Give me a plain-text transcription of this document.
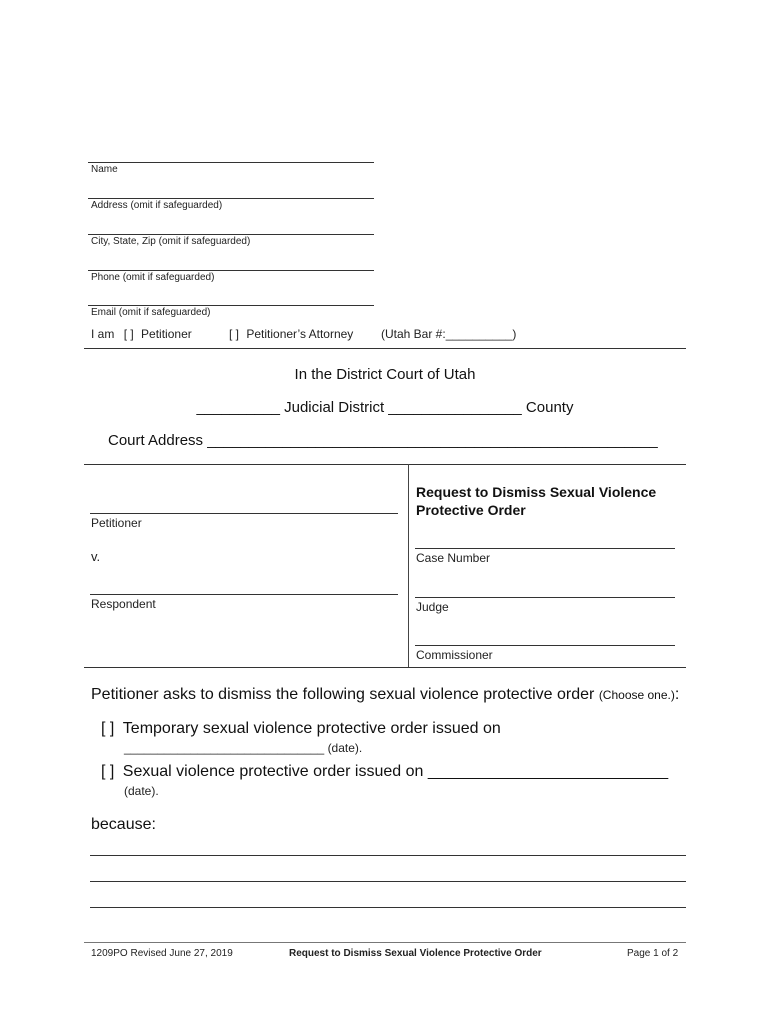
Name
Address (omit if safeguarded)
City, State, Zip (omit if safeguarded)
Phone (omit if safeguarded)
Email (omit if safeguarded)
I am [ ] Petitioner	[ ] Petitioner’s Attorney (Utah Bar #:__________)
In the District Court of Utah
__________ Judicial District ________________ County
Court Address ______________________________________________________
Petitioner
v.
Respondent
Request to Dismiss Sexual Violence
Protective Order
Case Number
Judge
Commissioner
Petitioner asks to dismiss the following sexual violence protective order (Choose one.):
[ ] Temporary sexual violence protective order issued on
______________________________ (date).
[ ] Sexual violence protective order issued on ___________________________
(date).
because:
1209PO Revised June 27, 2019	Request to Dismiss Sexual Violence Protective Order	Page 1 of 2
